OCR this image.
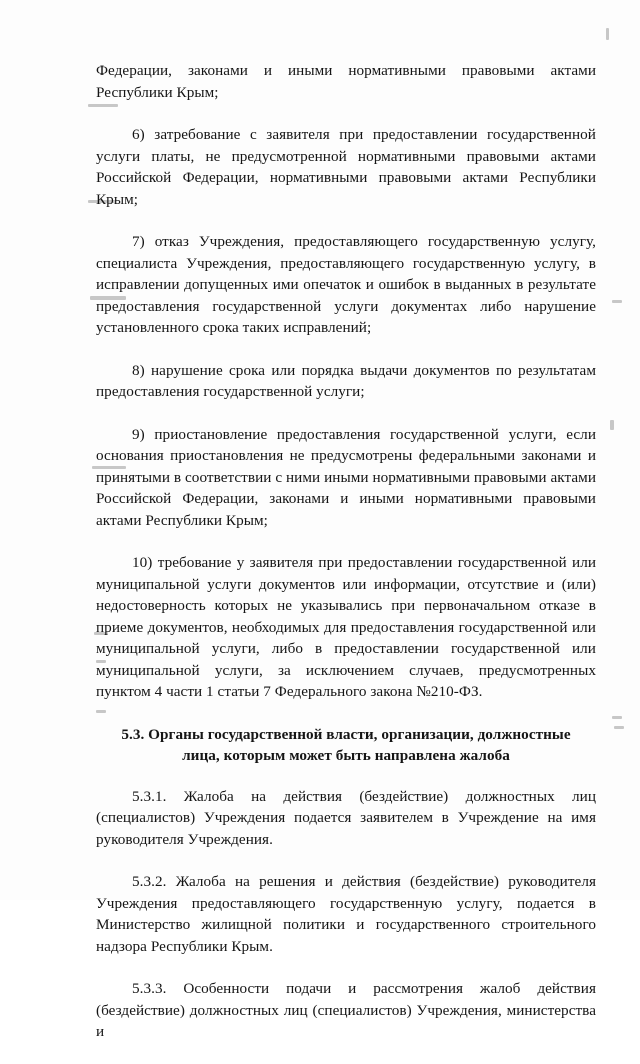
Федерации, законами и иными нормативными правовыми актами Республики Крым;

6) затребование с заявителя при предоставлении государственной услуги платы, не предусмотренной нормативными правовыми актами Российской Федерации, нормативными правовыми актами Республики Крым;

7) отказ Учреждения, предоставляющего государственную услугу, специалиста Учреждения, предоставляющего государственную услугу, в исправлении допущенных ими опечаток и ошибок в выданных в результате предоставления государственной услуги документах либо нарушение установленного срока таких исправлений;

8) нарушение срока или порядка выдачи документов по результатам предоставления государственной услуги;

9) приостановление предоставления государственной услуги, если основания приостановления не предусмотрены федеральными законами и принятыми в соответствии с ними иными нормативными правовыми актами Российской Федерации, законами и иными нормативными правовыми актами Республики Крым;

10) требование у заявителя при предоставлении государственной или муниципальной услуги документов или информации, отсутствие и (или) недостоверность которых не указывались при первоначальном отказе в приеме документов, необходимых для предоставления государственной или муниципальной услуги, либо в предоставлении государственной или муниципальной услуги, за исключением случаев, предусмотренных пунктом 4 части 1 статьи 7 Федерального закона №210-ФЗ.

5.3. Органы государственной власти, организации, должностные
лица, которым может быть направлена жалоба

5.3.1. Жалоба на действия (бездействие) должностных лиц (специалистов) Учреждения подается заявителем в Учреждение на имя руководителя Учреждения.

5.3.2. Жалоба на решения и действия (бездействие) руководителя Учреждения предоставляющего государственную услугу, подается в Министерство жилищной политики и государственного строительного надзора Республики Крым.

5.3.3. Особенности подачи и рассмотрения жалоб действия (бездействие) должностных лиц (специалистов) Учреждения, министерства и
